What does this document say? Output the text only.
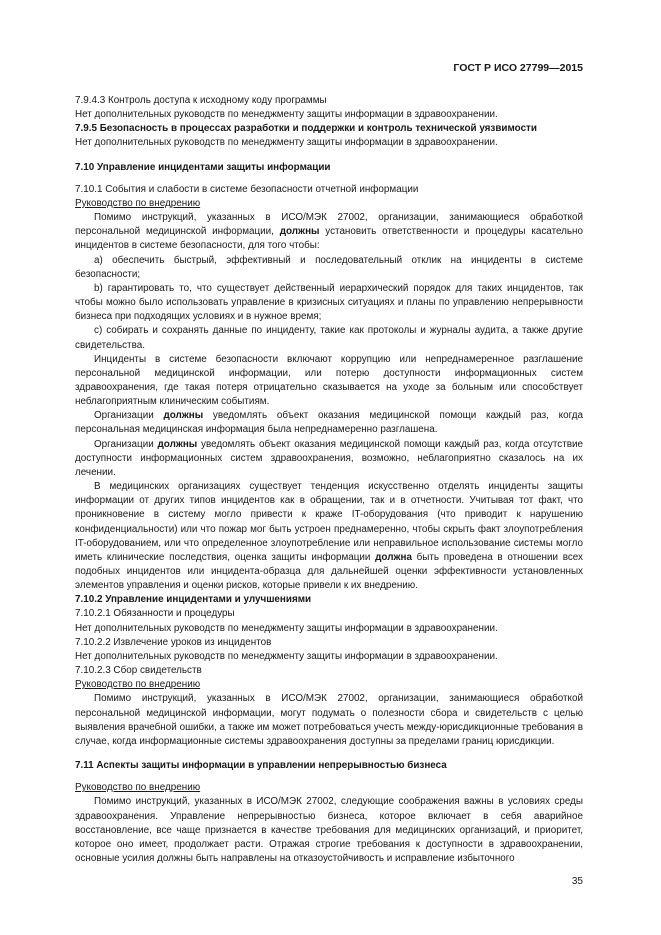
ГОСТ Р ИСО 27799—2015

7.9.4.3 Контроль доступа к исходному коду программы

Нет дополнительных руководств по менеджменту защиты информации в здравоохранении.

7.9.5 Безопасность в процессах разработки и поддержки и контроль технической уязвимости

Нет дополнительных руководств по менеджменту защиты информации в здравоохранении.

7.10 Управление инцидентами защиты информации

7.10.1 События и слабости в системе безопасности отчетной информации

Руководство по внедрению

Помимо инструкций, указанных в ИСО/МЭК 27002, организации, занимающиеся обработкой персональной медицинской информации, должны установить ответственности и процедуры касательно инцидентов в системе безопасности, для того чтобы:

a) обеспечить быстрый, эффективный и последовательный отклик на инциденты в системе безопасности;

b) гарантировать то, что существует действенный иерархический порядок для таких инцидентов, так чтобы можно было использовать управление в кризисных ситуациях и планы по управлению непрерывности бизнеса при подходящих условиях и в нужное время;

c) собирать и сохранять данные по инциденту, такие как протоколы и журналы аудита, а также другие свидетельства.

Инциденты в системе безопасности включают коррупцию или непреднамеренное разглашение персональной медицинской информации, или потерю доступности информационных систем здравоохранения, где такая потеря отрицательно сказывается на уходе за больным или способствует неблагоприятным клиническим событиям.

Организации должны уведомлять объект оказания медицинской помощи каждый раз, когда персональная медицинская информация была непреднамеренно разглашена.

Организации должны уведомлять объект оказания медицинской помощи каждый раз, когда отсутствие доступности информационных систем здравоохранения, возможно, неблагоприятно сказалось на их лечении.

В медицинских организациях существует тенденция искусственно отделять инциденты защиты информации от других типов инцидентов как в обращении, так и в отчетности. Учитывая тот факт, что проникновение в систему могло привести к краже IT-оборудования (что приводит к нарушению конфиденциальности) или что пожар мог быть устроен преднамеренно, чтобы скрыть факт злоупотребления IT-оборудованием, или что определенное злоупотребление или неправильное использование системы могло иметь клинические последствия, оценка защиты информации должна быть проведена в отношении всех подобных инцидентов или инцидента-образца для дальнейшей оценки эффективности установленных элементов управления и оценки рисков, которые привели к их внедрению.

7.10.2 Управление инцидентами и улучшениями

7.10.2.1 Обязанности и процедуры

Нет дополнительных руководств по менеджменту защиты информации в здравоохранении.

7.10.2.2 Извлечение уроков из инцидентов

Нет дополнительных руководств по менеджменту защиты информации в здравоохранении.

7.10.2.3 Сбор свидетельств

Руководство по внедрению

Помимо инструкций, указанных в ИСО/МЭК 27002, организации, занимающиеся обработкой персональной медицинской информации, могут подумать о полезности сбора и свидетельств с целью выявления врачебной ошибки, а также им может потребоваться учесть между-юрисдикционные требования в случае, когда информационные системы здравоохранения доступны за пределами границ юрисдикции.

7.11 Аспекты защиты информации в управлении непрерывностью бизнеса

Руководство по внедрению

Помимо инструкций, указанных в ИСО/МЭК 27002, следующие соображения важны в условиях среды здравоохранения. Управление непрерывностью бизнеса, которое включает в себя аварийное восстановление, все чаще признается в качестве требования для медицинских организаций, и приоритет, которое оно имеет, продолжает расти. Отражая строгие требования к доступности в здравоохранении, основные усилия должны быть направлены на отказоустойчивость и исправление избыточного

35
